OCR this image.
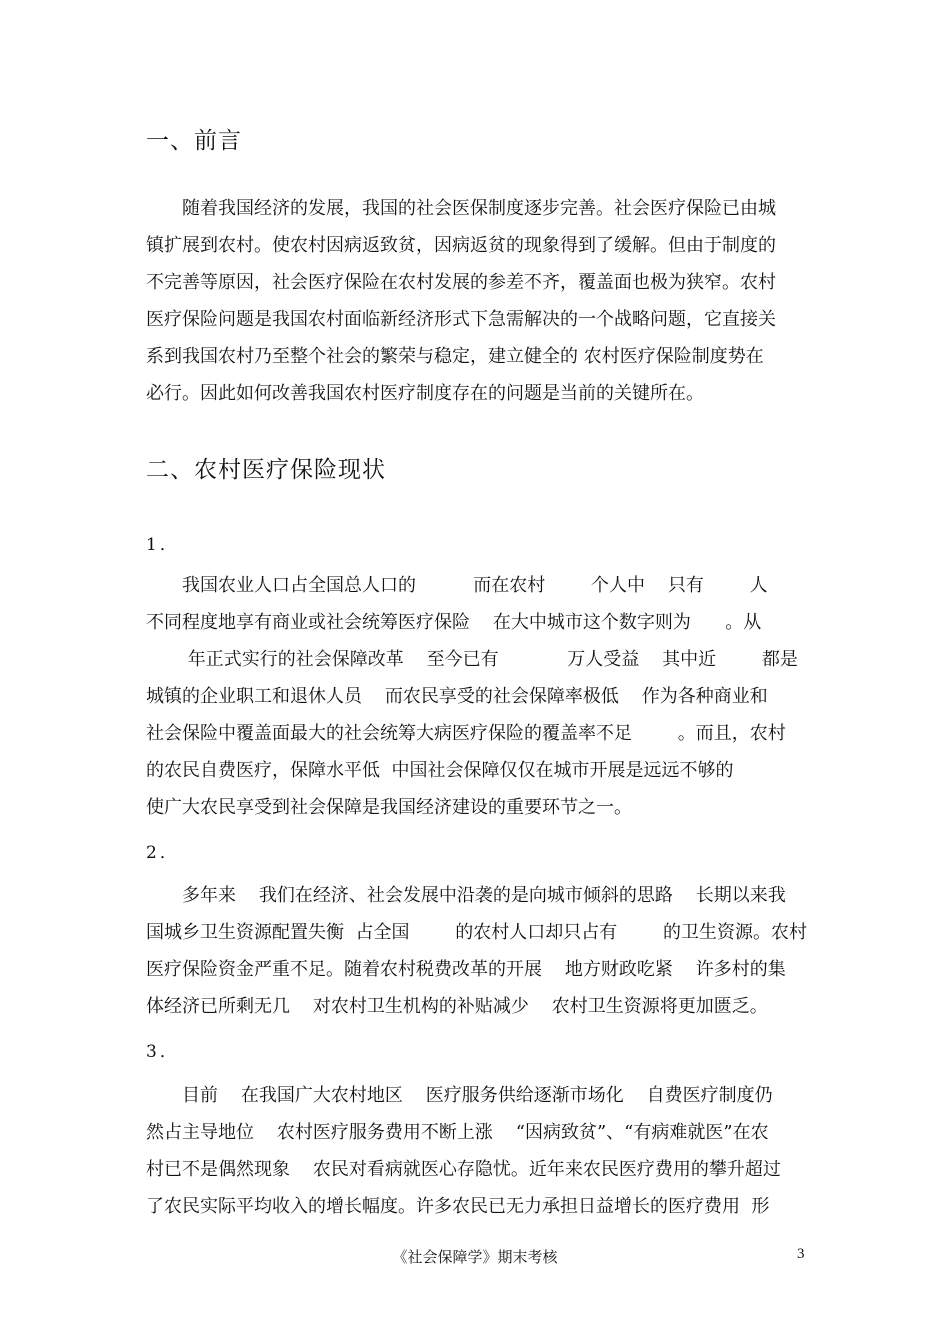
一、前言

随着我国经济的发展，我国的社会医保制度逐步完善。社会医疗保险已由城

镇扩展到农村。使农村因病返致贫，因病返贫的现象得到了缓解。但由于制度的

不完善等原因，社会医疗保险在农村发展的参差不齐，覆盖面也极为狭窄。农村

医疗保险问题是我国农村面临新经济形式下急需解决的一个战略问题，它直接关

系到我国农村乃至整个社会的繁荣与稳定，建立健全的 农村医疗保险制度势在

必行。因此如何改善我国农村医疗制度存在的问题是当前的关键所在。

二、农村医疗保险现状
1．

我国农业人口占全国总人口的          而在农村        个人中    只有        人

不同程度地享有商业或社会统筹医疗保险    在大中城市这个数字则为      。从

年正式实行的社会保障改革    至今已有            万人受益    其中近        都是

城镇的企业职工和退休人员    而农民享受的社会保障率极低    作为各种商业和

社会保险中覆盖面最大的社会统筹大病医疗保险的覆盖率不足        。而且，农村

的农民自费医疗，保障水平低  中国社会保障仅仅在城市开展是远远不够的

使广大农民享受到社会保障是我国经济建设的重要环节之一。

2．

多年来    我们在经济、社会发展中沿袭的是向城市倾斜的思路    长期以来我

国城乡卫生资源配置失衡  占全国        的农村人口却只占有        的卫生资源。农村

医疗保险资金严重不足。随着农村税费改革的开展    地方财政吃紧    许多村的集

体经济已所剩无几    对农村卫生机构的补贴减少    农村卫生资源将更加匮乏。

3．

目前    在我国广大农村地区    医疗服务供给逐渐市场化    自费医疗制度仍

然占主导地位    农村医疗服务费用不断上涨    “因病致贫”、“有病难就医”在农

村已不是偶然现象    农民对看病就医心存隐忧。近年来农民医疗费用的攀升超过

了农民实际平均收入的增长幅度。许多农民已无力承担日益增长的医疗费用  形

《社会保障学》期末考核	3
